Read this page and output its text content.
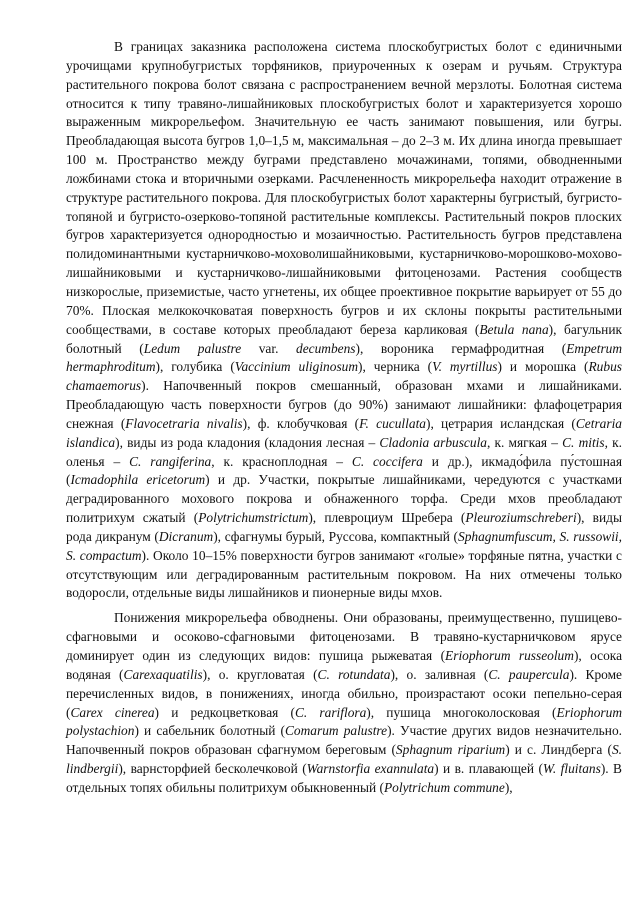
В границах заказника расположена система плоскобугристых болот с единичными урочищами крупнобугристых торфяников, приуроченных к озерам и ручьям. Структура растительного покрова болот связана с распространением вечной мерзлоты. Болотная система относится к типу травяно-лишайниковых плоскобугристых болот и характеризуется хорошо выраженным микрорельефом. Значительную ее часть занимают повышения, или бугры. Преобладающая высота бугров 1,0–1,5 м, максимальная – до 2–3 м. Их длина иногда превышает 100 м. Пространство между буграми представлено мочажинами, топями, обводненными ложбинами стока и вторичными озерками. Расчлененность микрорельефа находит отражение в структуре растительного покрова. Для плоскобугристых болот характерны бугристый, бугристо-топяной и бугристо-озерково-топяной растительные комплексы. Растительный покров плоских бугров характеризуется однородностью и мозаичностью. Растительность бугров представлена полидоминантными кустарничково-моховолишайниковыми, кустарничково-морошково-мохово-лишайниковыми и кустарничково-лишайниковыми фитоценозами. Растения сообществ низкорослые, приземистые, часто угнетены, их общее проективное покрытие варьирует от 55 до 70%. Плоская мелкокочковатая поверхность бугров и их склоны покрыты растительными сообществами, в составе которых преобладают береза карликовая (Betula nana), багульник болотный (Ledum palustre var. decumbens), вороника гермафродитная (Empetrum hermaphroditum), голубика (Vaccinium uliginosum), черника (V. myrtillus) и морошка (Rubus chamaemorus). Напочвенный покров смешанный, образован мхами и лишайниками. Преобладающую часть поверхности бугров (до 90%) занимают лишайники: флафоцетрария снежная (Flavocetraria nivalis), ф. клобучковая (F. cucullata), цетрария исландская (Cetraria islandica), виды из рода кладония (кладония лесная – Cladonia arbuscula, к. мягкая – C. mitis, к. оленья – C. rangiferina, к. красноплодная – C. coccifera и др.), икмадо́фила пу́стошная (Icmadophila ericetorum) и др. Участки, покрытые лишайниками, чередуются с участками деградированного мохового покрова и обнаженного торфа. Среди мхов преобладают политрихум сжатый (Polytrichumstrictum), плевроциум Шребера (Pleuroziumschreberi), виды рода дикранум (Dicranum), сфагнумы бурый, Руссова, компактный (Sphagnumfuscum, S. russowii, S. compactum). Около 10–15% поверхности бугров занимают «голые» торфяные пятна, участки с отсутствующим или деградированным растительным покровом. На них отмечены только водоросли, отдельные виды лишайников и пионерные виды мхов.

Понижения микрорельефа обводнены. Они образованы, преимущественно, пушицево-сфагновыми и осоково-сфагновыми фитоценозами. В травяно-кустарничковом ярусе доминирует один из следующих видов: пушица рыжеватая (Eriophorum russeolum), осока водяная (Carexaquatilis), о. кругловатая (C. rotundata), о. заливная (C. paupercula). Кроме перечисленных видов, в понижениях, иногда обильно, произрастают осоки пепельно-серая (Carex cinerea) и редкоцветковая (C. rariflora), пушица многоколосковая (Eriophorum polystachion) и сабельник болотный (Comarum palustre). Участие других видов незначительно. Напочвенный покров образован сфагнумом береговым (Sphagnum riparium) и с. Линдберга (S. lindbergii), варнсторфией бесколечковой (Warnstorfia exannulata) и в. плавающей (W. fluitans). В отдельных топях обильны политрихум обыкновенный (Polytrichum commune),
